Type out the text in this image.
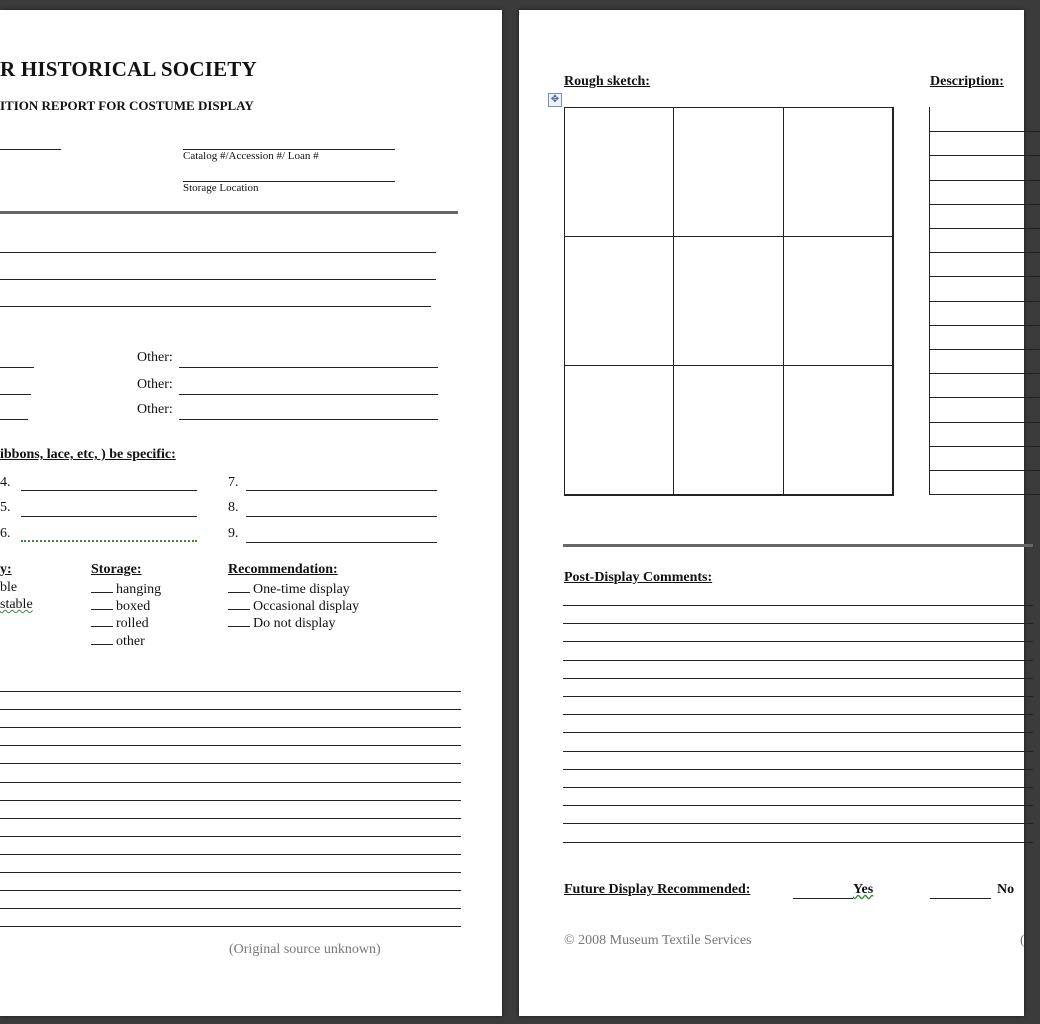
R HISTORICAL SOCIETY
ITION REPORT FOR COSTUME DISPLAY
Catalog #/Accession #/ Loan #
Storage Location
Other:
Other:
Other:
ibbons, lace, etc, ) be specific:
4.	7.
5.	8.
6.	9.
y:
ble
stable
Storage:
hanging
boxed
rolled
other
Recommendation:
One-time display
Occasional display
Do not display
(Original source unknown)
Rough sketch:	Description:
✥
Post-Display Comments:
Future Display Recommended:	Yes	No
© 2008 Museum Textile Services	(
